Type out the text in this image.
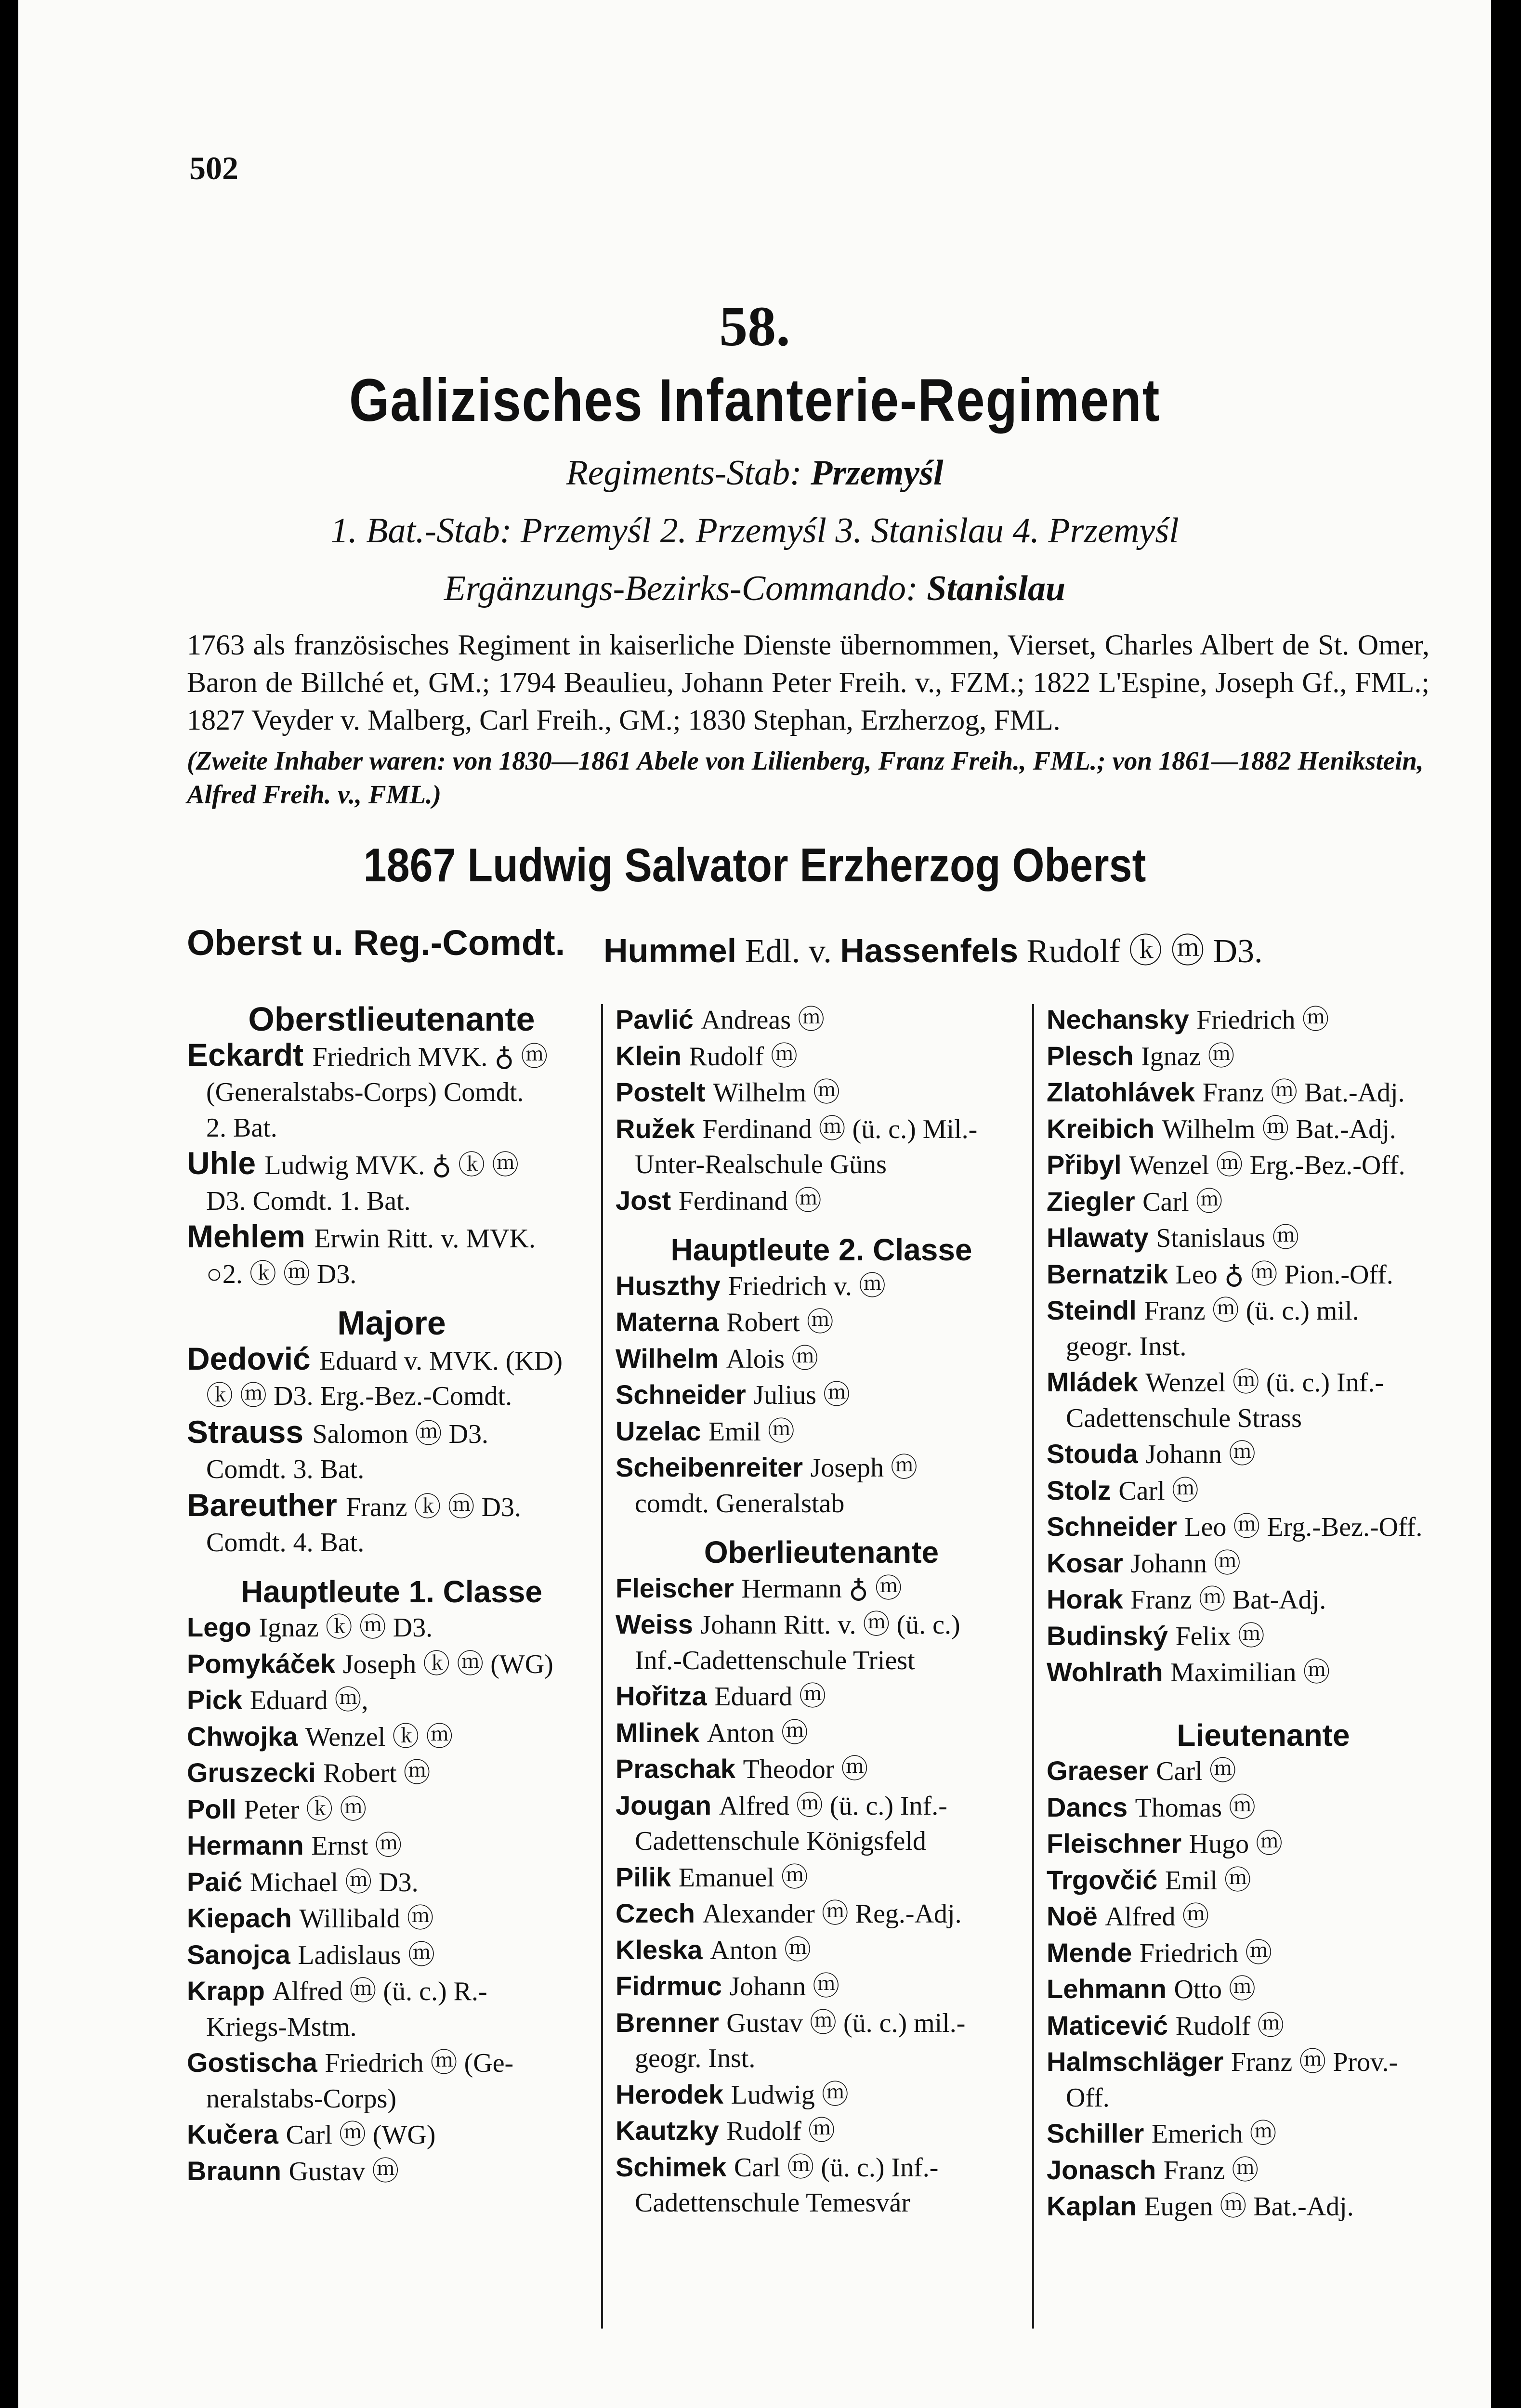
502
58.
Galizisches Infanterie-Regiment
Regiments-Stab: Przemyśl
1. Bat.-Stab: Przemyśl 2. Przemyśl 3. Stanislau 4. Przemyśl
Ergänzungs-Bezirks-Commando: Stanislau
1763 als französisches Regiment in kaiserliche Dienste übernommen, Vierset, Charles Albert de St. Omer, Baron de Billché et, GM.; 1794 Beaulieu, Johann Peter Freih. v., FZM.; 1822 L'Espine, Joseph Gf., FML.; 1827 Veyder v. Malberg, Carl Freih., GM.; 1830 Stephan, Erzherzog, FML.
(Zweite Inhaber waren: von 1830—1861 Abele von Lilienberg, Franz Freih., FML.; von 1861—1882 Henikstein, Alfred Freih. v., FML.)
1867 Ludwig Salvator Erzherzog Oberst
Oberst u. Reg.-Comdt. Hummel Edl. v. Hassenfels Rudolf ⓚ ⓜ D3.
Oberstlieutenante
Eckardt Friedrich MVK. ♁ ⓜ
(Generalstabs-Corps) Comdt.
2. Bat.
Uhle Ludwig MVK. ♁ ⓚ ⓜ
D3. Comdt. 1. Bat.
Mehlem Erwin Ritt. v. MVK.
○2. ⓚ ⓜ D3.
Majore
Dedović Eduard v. MVK. (KD)
ⓚ ⓜ D3. Erg.-Bez.-Comdt.
Strauss Salomon ⓜ D3.
Comdt. 3. Bat.
Bareuther Franz ⓚ ⓜ D3.
Comdt. 4. Bat.
Hauptleute 1. Classe
Lego Ignaz ⓚ ⓜ D3.
Pomykáček Joseph ⓚ ⓜ (WG)
Pick Eduard ⓜ,
Chwojka Wenzel ⓚ ⓜ
Gruszecki Robert ⓜ
Poll Peter ⓚ ⓜ
Hermann Ernst ⓜ
Paić Michael ⓜ D3.
Kiepach Willibald ⓜ
Sanojca Ladislaus ⓜ
Krapp Alfred ⓜ (ü. c.) R.-
Kriegs-Mstm.
Gostischa Friedrich ⓜ (Ge-
neralstabs-Corps)
Kučera Carl ⓜ (WG)
Braunn Gustav ⓜ
Pavlić Andreas ⓜ
Klein Rudolf ⓜ
Postelt Wilhelm ⓜ
Ružek Ferdinand ⓜ (ü. c.) Mil.-
Unter-Realschule Güns
Jost Ferdinand ⓜ
Hauptleute 2. Classe
Huszthy Friedrich v. ⓜ
Materna Robert ⓜ
Wilhelm Alois ⓜ
Schneider Julius ⓜ
Uzelac Emil ⓜ
Scheibenreiter Joseph ⓜ
comdt. Generalstab
Oberlieutenante
Fleischer Hermann ♁ ⓜ
Weiss Johann Ritt. v. ⓜ (ü. c.)
Inf.-Cadettenschule Triest
Hořitza Eduard ⓜ
Mlinek Anton ⓜ
Praschak Theodor ⓜ
Jougan Alfred ⓜ (ü. c.) Inf.-
Cadettenschule Königsfeld
Pilik Emanuel ⓜ
Czech Alexander ⓜ Reg.-Adj.
Kleska Anton ⓜ
Fidrmuc Johann ⓜ
Brenner Gustav ⓜ (ü. c.) mil.-
geogr. Inst.
Herodek Ludwig ⓜ
Kautzky Rudolf ⓜ
Schimek Carl ⓜ (ü. c.) Inf.-
Cadettenschule Temesvár
Nechansky Friedrich ⓜ
Plesch Ignaz ⓜ
Zlatohlávek Franz ⓜ Bat.-Adj.
Kreibich Wilhelm ⓜ Bat.-Adj.
Přibyl Wenzel ⓜ Erg.-Bez.-Off.
Ziegler Carl ⓜ
Hlawaty Stanislaus ⓜ
Bernatzik Leo ♁ ⓜ Pion.-Off.
Steindl Franz ⓜ (ü. c.) mil.
geogr. Inst.
Mládek Wenzel ⓜ (ü. c.) Inf.-
Cadettenschule Strass
Stouda Johann ⓜ
Stolz Carl ⓜ
Schneider Leo ⓜ Erg.-Bez.-Off.
Kosar Johann ⓜ
Horak Franz ⓜ Bat-Adj.
Budinský Felix ⓜ
Wohlrath Maximilian ⓜ
Lieutenante
Graeser Carl ⓜ
Dancs Thomas ⓜ
Fleischner Hugo ⓜ
Trgovčić Emil ⓜ
Noë Alfred ⓜ
Mende Friedrich ⓜ
Lehmann Otto ⓜ
Maticević Rudolf ⓜ
Halmschläger Franz ⓜ Prov.-
Off.
Schiller Emerich ⓜ
Jonasch Franz ⓜ
Kaplan Eugen ⓜ Bat.-Adj.
